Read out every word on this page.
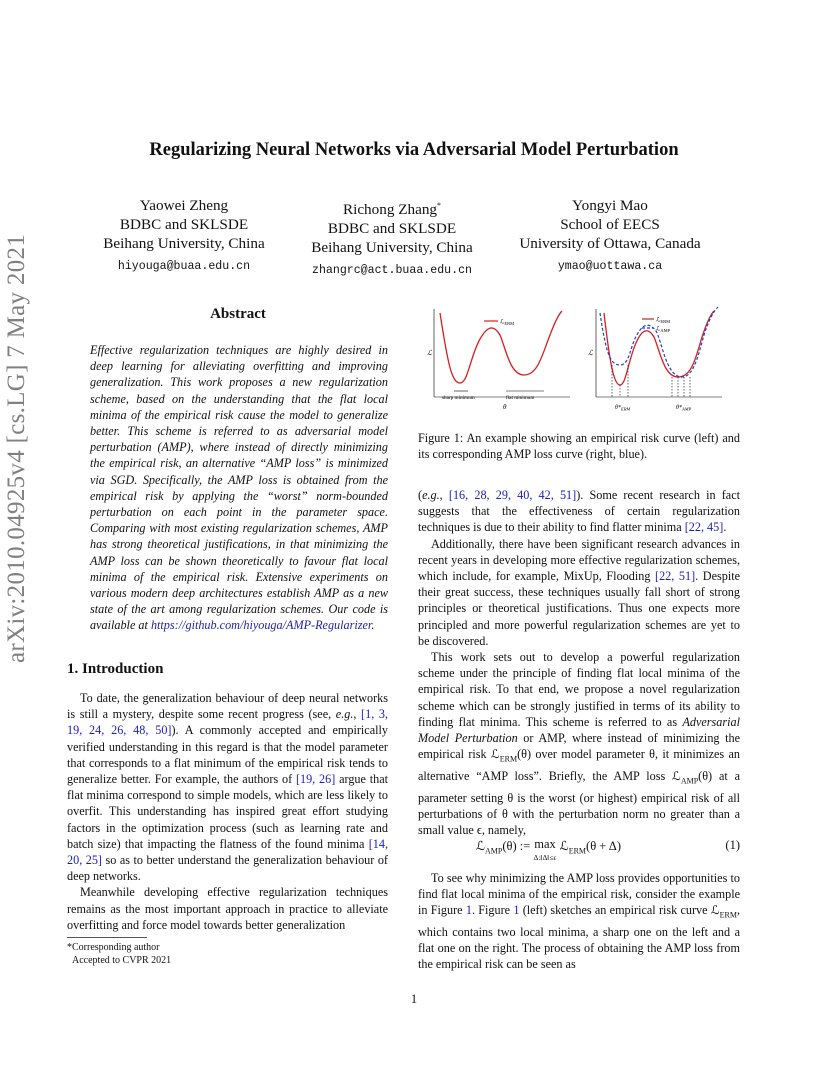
Regularizing Neural Networks via Adversarial Model Perturbation
Yaowei Zheng
BDBC and SKLSDE
Beihang University, China
hiyouga@buaa.edu.cn
Richong Zhang*
BDBC and SKLSDE
Beihang University, China
zhangrc@act.buaa.edu.cn
Yongyi Mao
School of EECS
University of Ottawa, Canada
ymao@uottawa.ca
arXiv:2010.04925v4 [cs.LG] 7 May 2021	Abstract
Effective regularization techniques are highly desired in deep learning for alleviating overfitting and improving generalization. This work proposes a new regularization scheme, based on the understanding that the flat local minima of the empirical risk cause the model to generalize better. This scheme is referred to as adversarial model perturbation (AMP), where instead of directly minimizing the empirical risk, an alternative “AMP loss” is minimized via SGD. Specifically, the AMP loss is obtained from the empirical risk by applying the “worst” norm-bounded perturbation on each point in the parameter space. Comparing with most existing regularization schemes, AMP has strong theoretical justifications, in that minimizing the AMP loss can be shown theoretically to favour flat local minima of the empirical risk. Extensive experiments on various modern deep architectures establish AMP as a new state of the art among regularization schemes. Our code is available at https://github.com/hiyouga/AMP-Regularizer.
1. Introduction

To date, the generalization behaviour of deep neural networks is still a mystery, despite some recent progress (see, e.g., [1, 3, 19, 24, 26, 48, 50]). A commonly accepted and empirically verified understanding in this regard is that the model parameter that corresponds to a flat minimum of the empirical risk tends to generalize better. For example, the authors of [19, 26] argue that flat minima correspond to simple models, which are less likely to overfit. This understanding has inspired great effort studying factors in the optimization process (such as learning rate and batch size) that impacting the flatness of the found minima [14, 20, 25] so as to better understand the generalization behaviour of deep networks.

Meanwhile developing effective regularization techniques remains as the most important approach in practice to alleviate overfitting and force model towards better generalization

*Corresponding author
Accepted to CVPR 2021
1
ℒ
θ
ℒ$_{ERM}$
sharp minimum	flat minimum
ℒ
ℒ$_{ERM}$
ℒ$_{AMP}$
$\theta*_{ERM}$	$\theta*_{AMP}$
Figure 1: An example showing an empirical risk curve (left) and its corresponding AMP loss curve (right, blue).

(e.g., [16, 28, 29, 40, 42, 51]). Some recent research in fact suggests that the effectiveness of certain regularization techniques is due to their ability to find flatter minima [22, 45].

Additionally, there have been significant research advances in recent years in developing more effective regularization schemes, which include, for example, MixUp, Flooding [22, 51]. Despite their great success, these techniques usually fall short of strong principles or theoretical justifications. Thus one expects more principled and more powerful regularization schemes are yet to be discovered.

This work sets out to develop a powerful regularization scheme under the principle of finding flat local minima of the empirical risk. To that end, we propose a novel regularization scheme which can be strongly justified in terms of its ability to finding flat minima. This scheme is referred to as Adversarial Model Perturbation or AMP, where instead of minimizing the empirical risk ℒ$_{ERM}$(θ) over model parameter θ, it minimizes an alternative “AMP loss”. Briefly, the AMP loss ℒ$_{AMP}$(θ) at a parameter setting θ is the worst (or highest) empirical risk of all perturbations of θ with the perturbation norm no greater than a small value ϵ, namely,

ℒ$_{AMP}$(θ) := max
Δ:‖Δ‖≤ϵ ℒ$_{ERM}$(θ + Δ)	(1)

To see why minimizing the AMP loss provides opportunities to find flat local minima of the empirical risk, consider the example in Figure 1. Figure 1 (left) sketches an empirical risk curve ℒ$_{ERM}$, which contains two local minima, a sharp one on the left and a flat one on the right. The process of obtaining the AMP loss from the empirical risk can be seen as
